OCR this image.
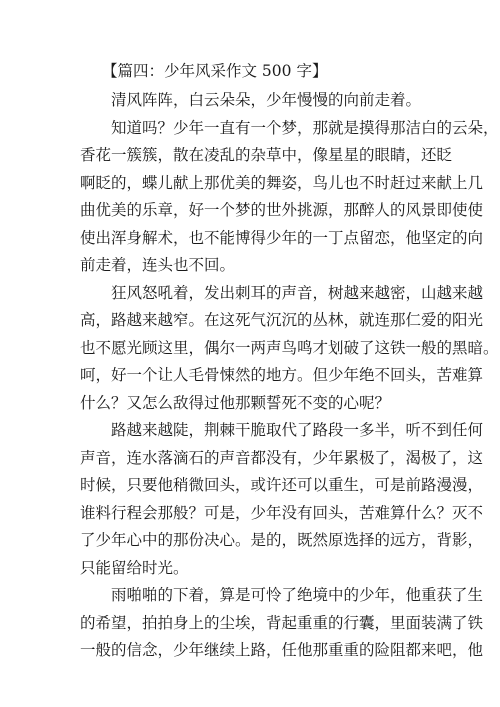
【篇四：少年风采作文 500 字】
清风阵阵，白云朵朵，少年慢慢的向前走着。
知道吗？少年一直有一个梦，那就是摸得那洁白的云朵，
香花一簇簇，散在凌乱的杂草中，像星星的眼睛，还眨
啊眨的，蝶儿献上那优美的舞姿，鸟儿也不时赶过来献上几
曲优美的乐章，好一个梦的世外挑源，那醉人的风景即使使
使出浑身解术，也不能博得少年的一丁点留恋，他坚定的向
前走着，连头也不回。
狂风怒吼着，发出刺耳的声音，树越来越密，山越来越
高，路越来越窄。在这死气沉沉的丛林，就连那仁爱的阳光
也不愿光顾这里，偶尔一两声鸟鸣才划破了这铁一般的黑暗。
呵，好一个让人毛骨悚然的地方。但少年绝不回头，苦难算
什么？又怎么敌得过他那颗誓死不变的心呢？
路越来越陡，荆棘干脆取代了路段一多半，听不到任何
声音，连水落滴石的声音都没有，少年累极了，渴极了，这
时候，只要他稍微回头，或许还可以重生，可是前路漫漫，
谁料行程会那般？可是，少年没有回头，苦难算什么？灭不
了少年心中的那份决心。是的，既然原选择的远方，背影，
只能留给时光。
雨啪啪的下着，算是可怜了绝境中的少年，他重获了生
的希望，拍拍身上的尘埃，背起重重的行囊，里面装满了铁
一般的信念，少年继续上路，任他那重重的险阻都来吧，他
